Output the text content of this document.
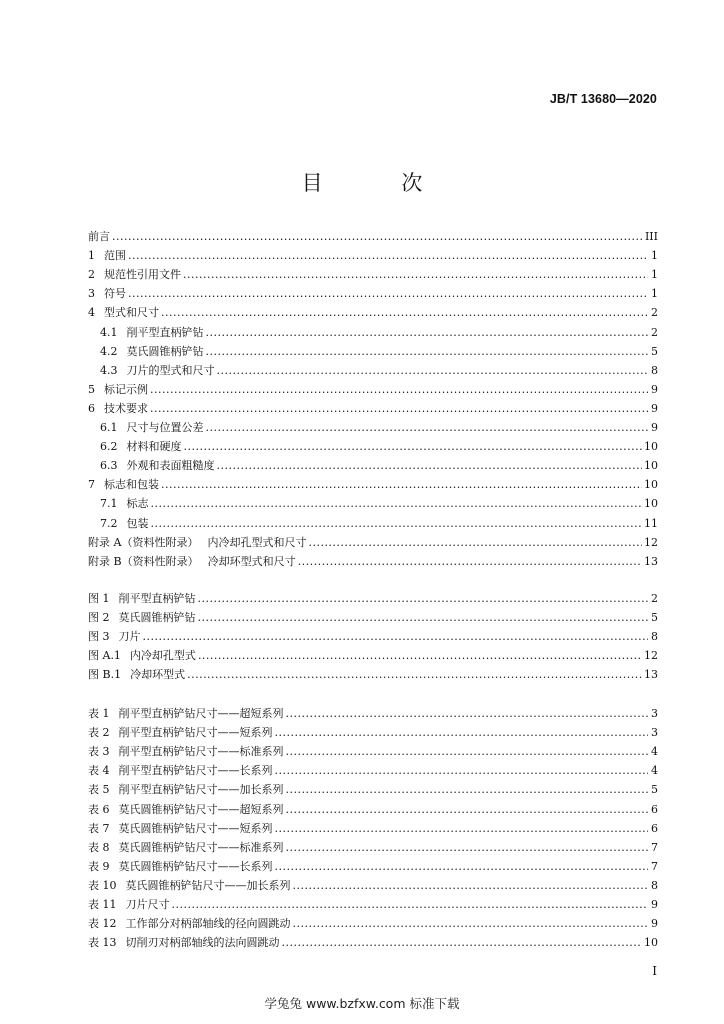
JB/T 13680—2020
目 次
前言 .....	III
1 范围 .....	1
2 规范性引用文件 .....	1
3 符号 .....	1
4 型式和尺寸 .....	2
4.1 削平型直柄铲钻 .....	2
4.2 莫氏圆锥柄铲钻 .....	5
4.3 刀片的型式和尺寸 .....	8
5 标记示例 .....	9
6 技术要求 .....	9
6.1 尺寸与位置公差 .....	9
6.2 材料和硬度 .....	10
6.3 外观和表面粗糙度 .....	10
7 标志和包装 .....	10
7.1 标志 .....	10
7.2 包装 .....	11
附录 A（资料性附录） 内冷却孔型式和尺寸 .....	12
附录 B（资料性附录） 冷却环型式和尺寸 .....	13
图 1 削平型直柄铲钻 .....	2
图 2 莫氏圆锥柄铲钻 .....	5
图 3 刀片 .....	8
图 A.1 内冷却孔型式 .....	12
图 B.1 冷却环型式 .....	13
表 1 削平型直柄铲钻尺寸——超短系列 .....	3
表 2 削平型直柄铲钻尺寸——短系列 .....	3
表 3 削平型直柄铲钻尺寸——标准系列 .....	4
表 4 削平型直柄铲钻尺寸——长系列 .....	4
表 5 削平型直柄铲钻尺寸——加长系列 .....	5
表 6 莫氏圆锥柄铲钻尺寸——超短系列 .....	6
表 7 莫氏圆锥柄铲钻尺寸——短系列 .....	6
表 8 莫氏圆锥柄铲钻尺寸——标准系列 .....	7
表 9 莫氏圆锥柄铲钻尺寸——长系列 .....	7
表 10 莫氏圆锥柄铲钻尺寸——加长系列 .....	8
表 11 刀片尺寸 .....	9
表 12 工作部分对柄部轴线的径向圆跳动 .....	9
表 13 切削刃对柄部轴线的法向圆跳动 .....	10
I
学兔兔 www.bzfxw.com 标准下载
